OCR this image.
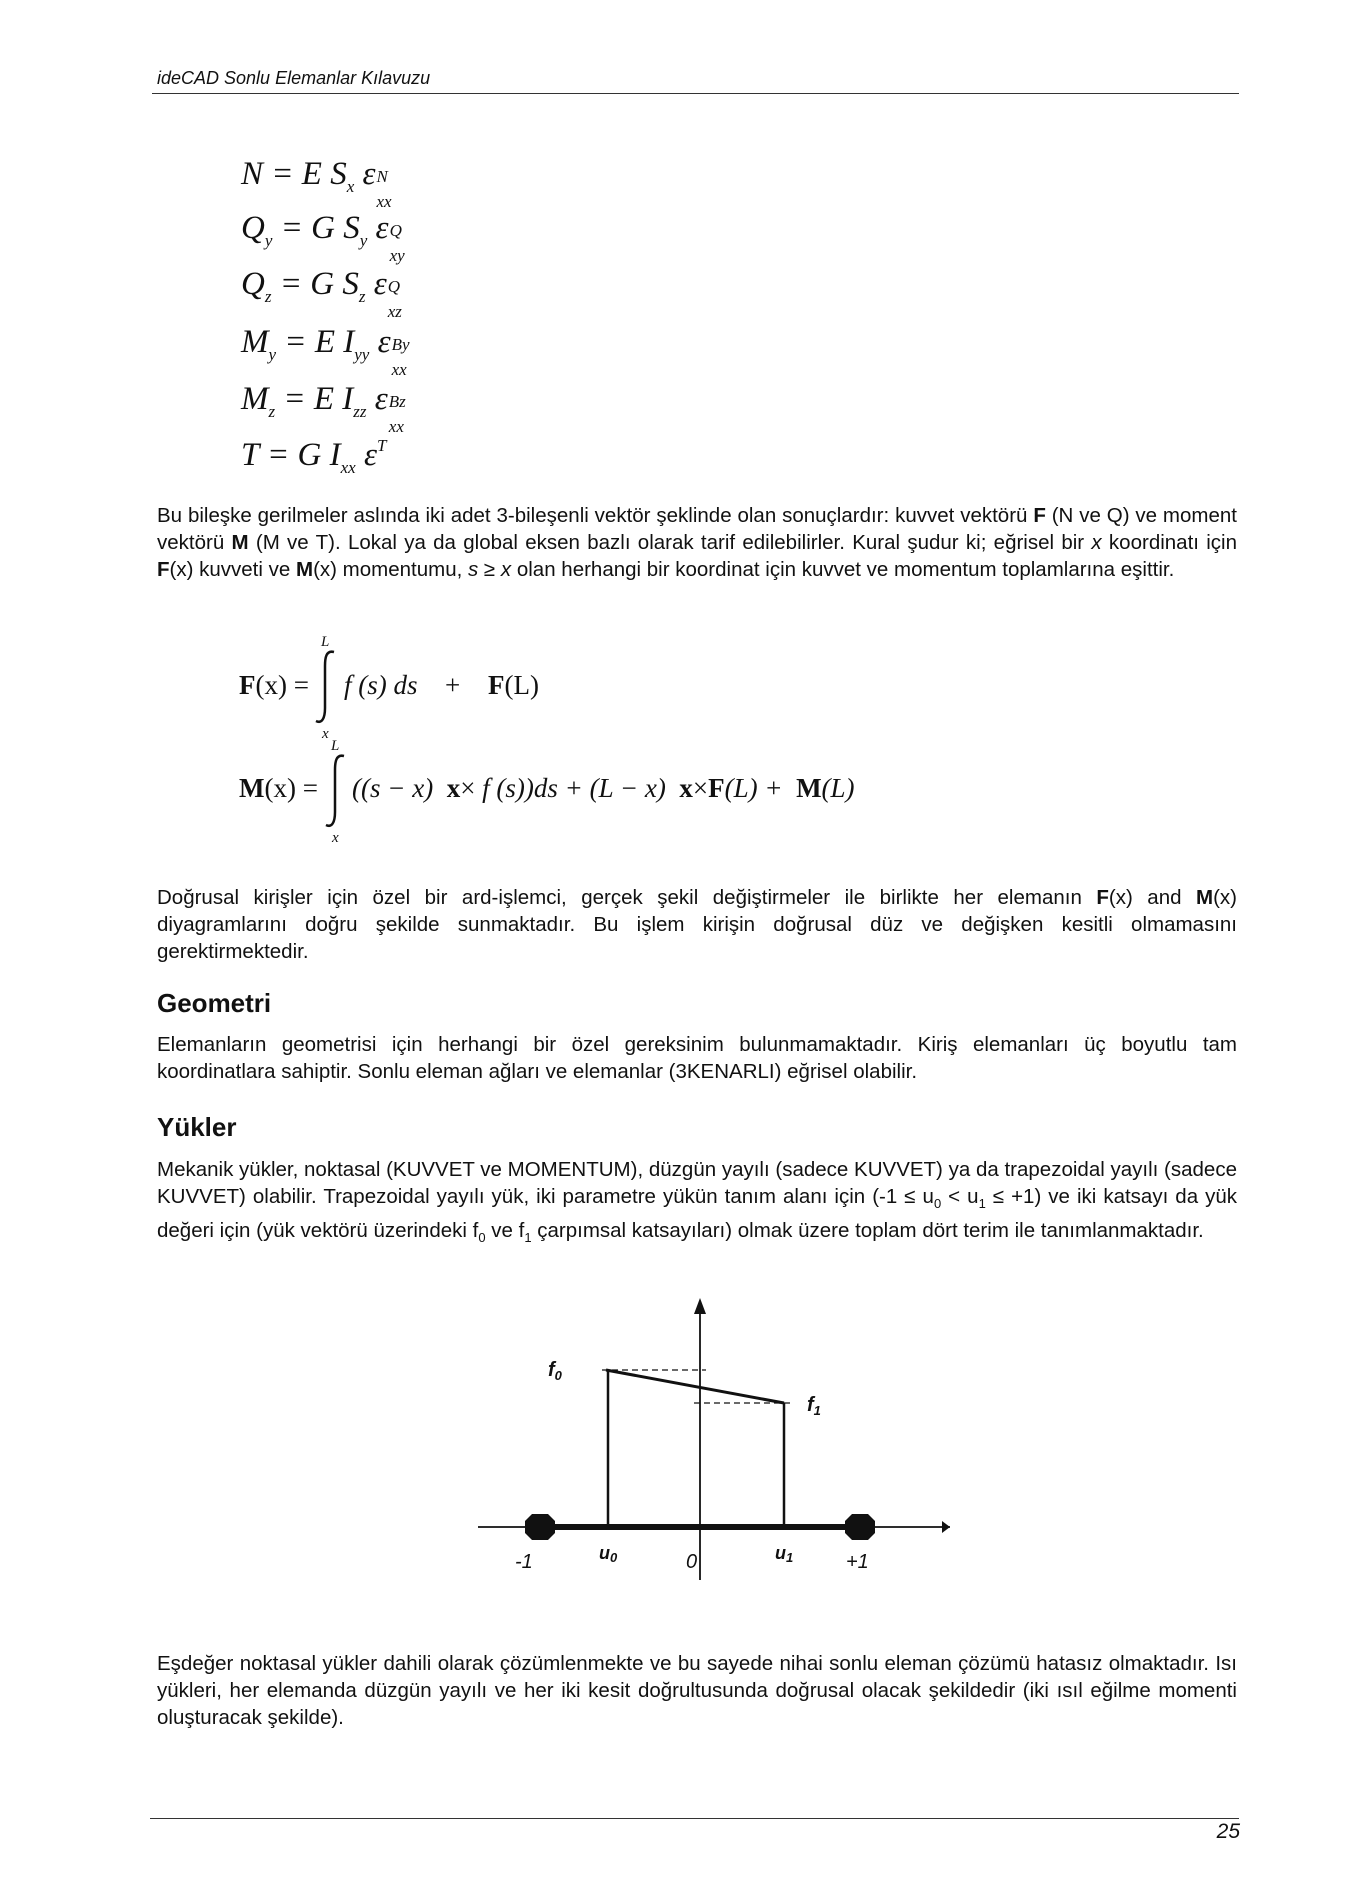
ideCAD Sonlu Elemanlar Kılavuzu
N = E $S_x$ ε N
xx
$Q_y = G$ $S_y$ ε Q
xy
$Q_z = G$ $S_z$ ε Q
xz
$M_y = E$ $I_{yy}$ ε By
xx
$M_z = E$ $I_{zz}$ ε Bz
xx
T = G $I_{xx}$ $\varepsilon^T$
Bu bileşke gerilmeler aslında iki adet 3-bileşenli vektör şeklinde olan sonuçlardır: kuvvet vektörü F (N ve Q) ve moment vektörü M (M ve T). Lokal ya da global eksen bazlı olarak tarif edilebilirler. Kural şudur ki; eğrisel bir x koordinatı için F(x) kuvveti ve M(x) momentumu, s ≥ x olan herhangi bir koordinat için kuvvet ve momentum toplamlarına eşittir.
L
x
F(x) = f (s) ds + F(L)
L
x
M(x) = ((s − x) x× f (s))ds + (L − x) x×F(L) + M(L)
Doğrusal kirişler için özel bir ard-işlemci, gerçek şekil değiştirmeler ile birlikte her elemanın F(x) and M(x) diyagramlarını doğru şekilde sunmaktadır. Bu işlem kirişin doğrusal düz ve değişken kesitli olmamasını gerektirmektedir.
Geometri
Elemanların geometrisi için herhangi bir özel gereksinim bulunmamaktadır. Kiriş elemanları üç boyutlu tam koordinatlara sahiptir. Sonlu eleman ağları ve elemanlar (3KENARLI) eğrisel olabilir.
Yükler
Mekanik yükler, noktasal (KUVVET ve MOMENTUM), düzgün yayılı (sadece KUVVET) ya da trapezoidal yayılı (sadece KUVVET) olabilir. Trapezoidal yayılı yük, iki parametre yükün tanım alanı için $(-1 \le u_0 < u_1 \le +1)$ ve iki katsayı da yük değeri için (yük vektörü üzerindeki $f_0$ ve $f_1$ çarpımsal katsayıları) olmak üzere toplam dört terim ile tanımlanmaktadır.
$f_0$
$f_1$
u0	u1
-1	0	+1
Eşdeğer noktasal yükler dahili olarak çözümlenmekte ve bu sayede nihai sonlu eleman çözümü hatasız olmaktadır. Isı yükleri, her elemanda düzgün yayılı ve her iki kesit doğrultusunda doğrusal olacak şekildedir (iki ısıl eğilme momenti oluşturacak şekilde).
25
